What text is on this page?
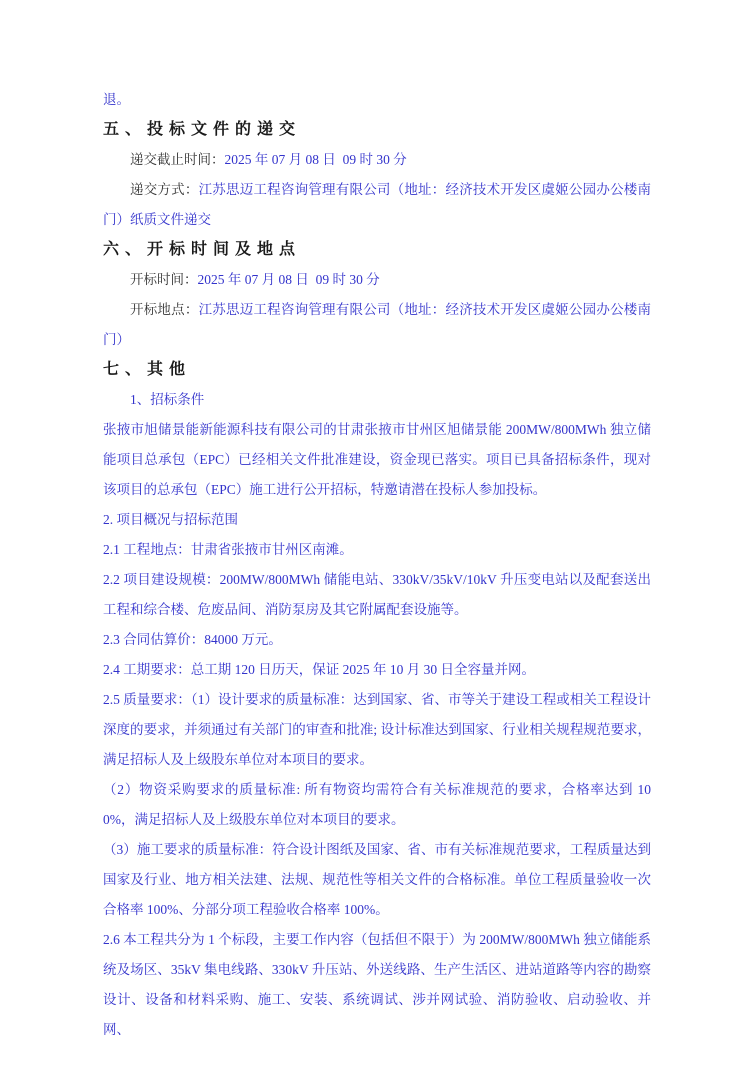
退。

五、投标文件的递交

递交截止时间：2025 年 07 月 08 日  09 时 30 分

递交方式：江苏思迈工程咨询管理有限公司（地址：经济技术开发区虞姬公园办公楼南门）纸质文件递交

六、开标时间及地点

开标时间：2025 年 07 月 08 日  09 时 30 分

开标地点：江苏思迈工程咨询管理有限公司（地址：经济技术开发区虞姬公园办公楼南门）

七、其他

1、招标条件

张掖市旭储景能新能源科技有限公司的甘肃张掖市甘州区旭储景能 200MW/800MWh 独立储能项目总承包（EPC）已经相关文件批准建设，资金现已落实。项目已具备招标条件，现对该项目的总承包（EPC）施工进行公开招标，特邀请潜在投标人参加投标。

2. 项目概况与招标范围

2.1 工程地点：甘肃省张掖市甘州区南滩。

2.2 项目建设规模：200MW/800MWh 储能电站、330kV/35kV/10kV 升压变电站以及配套送出工程和综合楼、危废品间、消防泵房及其它附属配套设施等。

2.3 合同估算价：84000 万元。

2.4 工期要求：总工期 120 日历天，保证 2025 年 10 月 30 日全容量并网。

2.5 质量要求：（1）设计要求的质量标准：达到国家、省、市等关于建设工程或相关工程设计深度的要求，并须通过有关部门的审查和批准; 设计标准达到国家、行业相关规程规范要求，满足招标人及上级股东单位对本项目的要求。

（2）物资采购要求的质量标准: 所有物资均需符合有关标准规范的要求，合格率达到 100%，满足招标人及上级股东单位对本项目的要求。

（3）施工要求的质量标准：符合设计图纸及国家、省、市有关标准规范要求，工程质量达到国家及行业、地方相关法建、法规、规范性等相关文件的合格标准。单位工程质量验收一次合格率 100%、分部分项工程验收合格率 100%。

2.6 本工程共分为 1 个标段，主要工作内容（包括但不限于）为 200MW/800MWh 独立储能系统及场区、35kV 集电线路、330kV 升压站、外送线路、生产生活区、进站道路等内容的勘察设计、设备和材料采购、施工、安装、系统调试、涉并网试验、消防验收、启动验收、并网、
